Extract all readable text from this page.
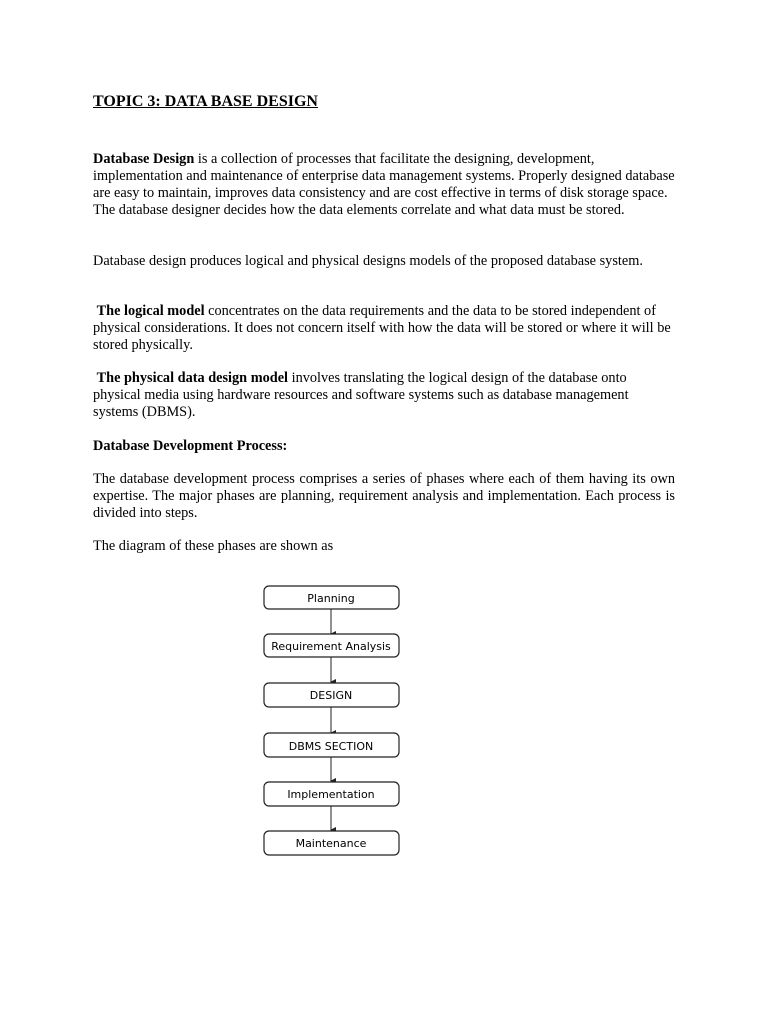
TOPIC 3: DATA BASE DESIGN

Database Design is a collection of processes that facilitate the designing, development, implementation and maintenance of enterprise data management systems. Properly designed database are easy to maintain, improves data consistency and are cost effective in terms of disk storage space. The database designer decides how the data elements correlate and what data must be stored.

Database design produces logical and physical designs models of the proposed database system.

The logical model concentrates on the data requirements and the data to be stored independent of physical considerations. It does not concern itself with how the data will be stored or where it will be stored physically.

The physical data design model involves translating the logical design of the database onto physical media using hardware resources and software systems such as database management systems (DBMS).

Database Development Process:

The database development process comprises a series of phases where each of them having its own expertise. The major phases are planning, requirement analysis and implementation. Each process is divided into steps.

The diagram of these phases are shown as

Planning
Requirement Analysis
DESIGN
DBMS SECTION
Implementation
Maintenance
